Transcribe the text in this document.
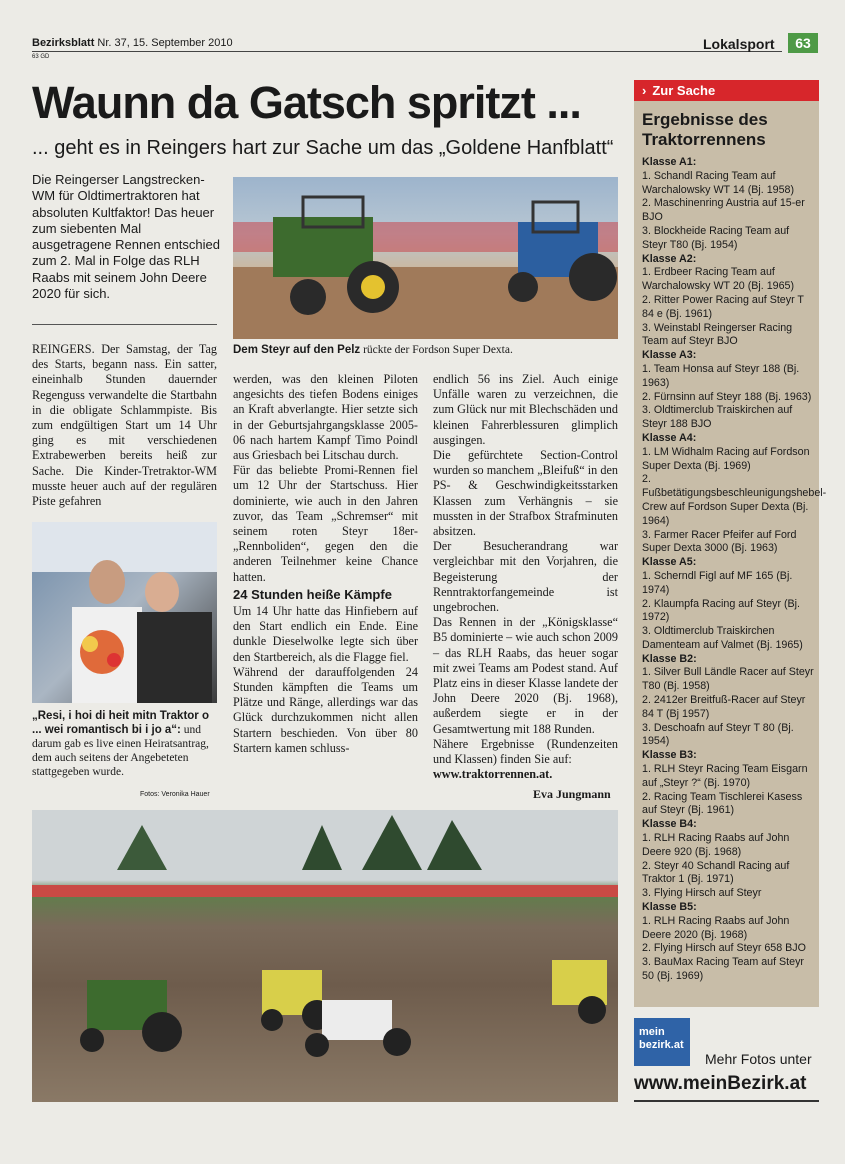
Bezirksblatt Nr. 37, 15. September 2010
63 GD
Lokalsport	63
Waunn da Gatsch spritzt ...
... geht es in Reingers hart zur Sache um das „Goldene Hanfblatt“
Die Reingerser Langstrecken-WM für Oldtimertraktoren hat absoluten Kultfaktor! Das heuer zum siebenten Mal ausgetragene Rennen entschied zum 2. Mal in Folge das RLH Raabs mit seinem John Deere 2020 für sich.
Dem Steyr auf den Pelz rückte der Fordson Super Dexta.

REINGERS. Der Samstag, der Tag des Starts, begann nass. Ein satter, eineinhalb Stunden dauernder Regenguss verwandelte die Startbahn in die obligate Schlammpiste. Bis zum endgültigen Start um 14 Uhr ging es mit verschiedenen Extrabewerben bereits heiß zur Sache. Die Kinder-Tretraktor-WM musste heuer auch auf der regulären Piste gefahren

„Resi, i hoi di heit mitn Traktor o ... wei romantisch bi i jo a“: und darum gab es live einen Heiratsantrag, dem auch seitens der Angebeteten stattgegeben wurde.
Fotos: Veronika Hauer

werden, was den kleinen Piloten angesichts des tiefen Bodens einiges an Kraft abverlangte. Hier setzte sich in der Geburtsjahrgangsklasse 2005-06 nach hartem Kampf Timo Poindl aus Griesbach bei Litschau durch.

Für das beliebte Promi-Rennen fiel um 12 Uhr der Startschuss. Hier dominierte, wie auch in den Jahren zuvor, das Team „Schremser“ mit seinem roten Steyr 18er-„Rennboliden“, gegen den die anderen Teilnehmer keine Chance hatten.

24 Stunden heiße Kämpfe

Um 14 Uhr hatte das Hinfiebern auf den Start endlich ein Ende. Eine dunkle Dieselwolke legte sich über den Startbereich, als die Flagge fiel.

Während der darauffolgenden 24 Stunden kämpften die Teams um Plätze und Ränge, allerdings war das Glück durchzukommen nicht allen Startern beschieden. Von über 80 Startern kamen schluss-

endlich 56 ins Ziel. Auch einige Unfälle waren zu verzeichnen, die zum Glück nur mit Blechschäden und kleinen Fahrerblessuren glimplich ausgingen.

Die gefürchtete Section-Control wurden so manchem „Bleifuß“ in den PS- & Geschwindigkeitsstarken Klassen zum Verhängnis – sie mussten in der Strafbox Strafminuten absitzen.

Der Besucherandrang war vergleichbar mit den Vorjahren, die Begeisterung der Renntraktorfangemeinde ist ungebrochen.

Das Rennen in der „Königsklasse“ B5 dominierte – wie auch schon 2009 – das RLH Raabs, das heuer sogar mit zwei Teams am Podest stand. Auf Platz eins in dieser Klasse landete der John Deere 2020 (Bj. 1968), außerdem siegte er in der Gesamtwertung mit 188 Runden.

Nähere Ergebnisse (Rundenzeiten und Klassen) finden Sie auf:

www.traktorrennen.at.

Eva Jungmann
› Zur Sache
Ergebnisse des
Traktorrennens
Klasse A1:
1. Schandl Racing Team auf Warchalowsky WT 14 (Bj. 1958)
2. Maschinenring Austria auf 15-er BJO
3. Blockheide Racing Team auf Steyr T80 (Bj. 1954)
Klasse A2:
1. Erdbeer Racing Team auf Warchalowsky WT 20 (Bj. 1965)
2. Ritter Power Racing auf Steyr T 84 e (Bj. 1961)
3. Weinstabl Reingerser Racing Team auf Steyr BJO
Klasse A3:
1. Team Honsa auf Steyr 188 (Bj. 1963)
2. Fürnsinn auf Steyr 188 (Bj. 1963)
3. Oldtimerclub Traiskirchen auf Steyr 188 BJO
Klasse A4:
1. LM Widhalm Racing auf Fordson Super Dexta (Bj. 1969)
2. Fußbetätigungsbeschleunigungshebel-Crew auf Fordson Super Dexta (Bj. 1964)
3. Farmer Racer Pfeifer auf Ford Super Dexta 3000 (Bj. 1963)
Klasse A5:
1. Scherndl Figl auf MF 165 (Bj. 1974)
2. Klaumpfa Racing auf Steyr (Bj. 1972)
3. Oldtimerclub Traiskirchen Damenteam auf Valmet (Bj. 1965)
Klasse B2:
1. Silver Bull Ländle Racer auf Steyr T80 (Bj. 1958)
2. 2412er Breitfuß-Racer auf Steyr 84 T (Bj 1957)
3. Deschoafn auf Steyr T 80 (Bj. 1954)
Klasse B3:
1. RLH Steyr Racing Team Eisgarn auf „Steyr ?“ (Bj. 1970)
2. Racing Team Tischlerei Kasess auf Steyr (Bj. 1961)
Klasse B4:
1. RLH Racing Raabs auf John Deere 920 (Bj. 1968)
2. Steyr 40 Schandl Racing auf Traktor 1 (Bj. 1971)
3. Flying Hirsch auf Steyr
Klasse B5:
1. RLH Racing Raabs auf John Deere 2020 (Bj. 1968)
2. Flying Hirsch auf Steyr 658 BJO
3. BauMax Racing Team auf Steyr 50 (Bj. 1969)
mein
bezirk.at
Mehr Fotos unter
www.meinBezirk.at
